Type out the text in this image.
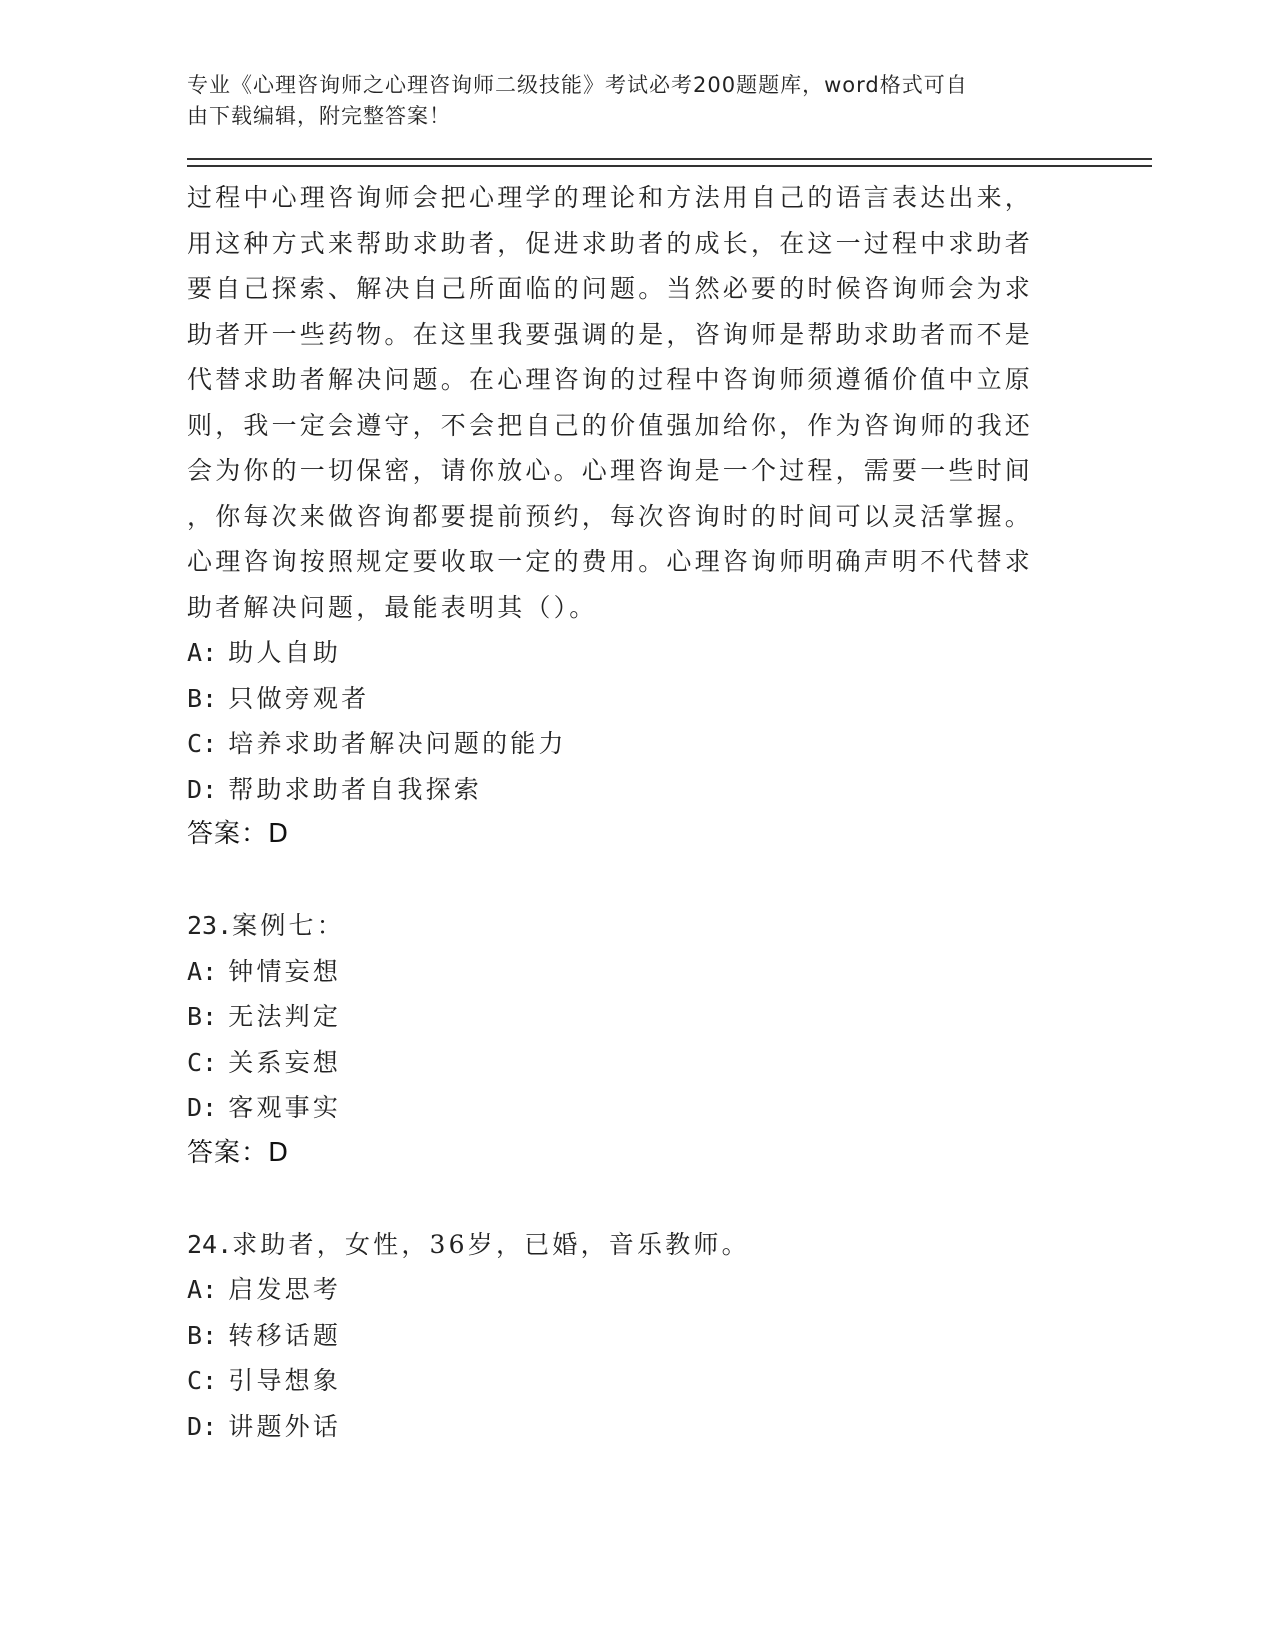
专业《心理咨询师之心理咨询师二级技能》考试必考200题题库，word格式可自
由下载编辑，附完整答案！
过程中心理咨询师会把心理学的理论和方法用自己的语言表达出来，
用这种方式来帮助求助者，促进求助者的成长，在这一过程中求助者
要自己探索、解决自己所面临的问题。当然必要的时候咨询师会为求
助者开一些药物。在这里我要强调的是，咨询师是帮助求助者而不是
代替求助者解决问题。在心理咨询的过程中咨询师须遵循价值中立原
则，我一定会遵守，不会把自己的价值强加给你，作为咨询师的我还
会为你的一切保密，请你放心。心理咨询是一个过程，需要一些时间
，你每次来做咨询都要提前预约，每次咨询时的时间可以灵活掌握。
心理咨询按照规定要收取一定的费用。心理咨询师明确声明不代替求
助者解决问题，最能表明其（）。
A: 助人自助
B: 只做旁观者
C: 培养求助者解决问题的能力
D: 帮助求助者自我探索
答案：D
23.案例七：
A: 钟情妄想
B: 无法判定
C: 关系妄想
D: 客观事实
答案：D
24.求助者，女性，36岁，已婚，音乐教师。
A: 启发思考
B: 转移话题
C: 引导想象
D: 讲题外话
